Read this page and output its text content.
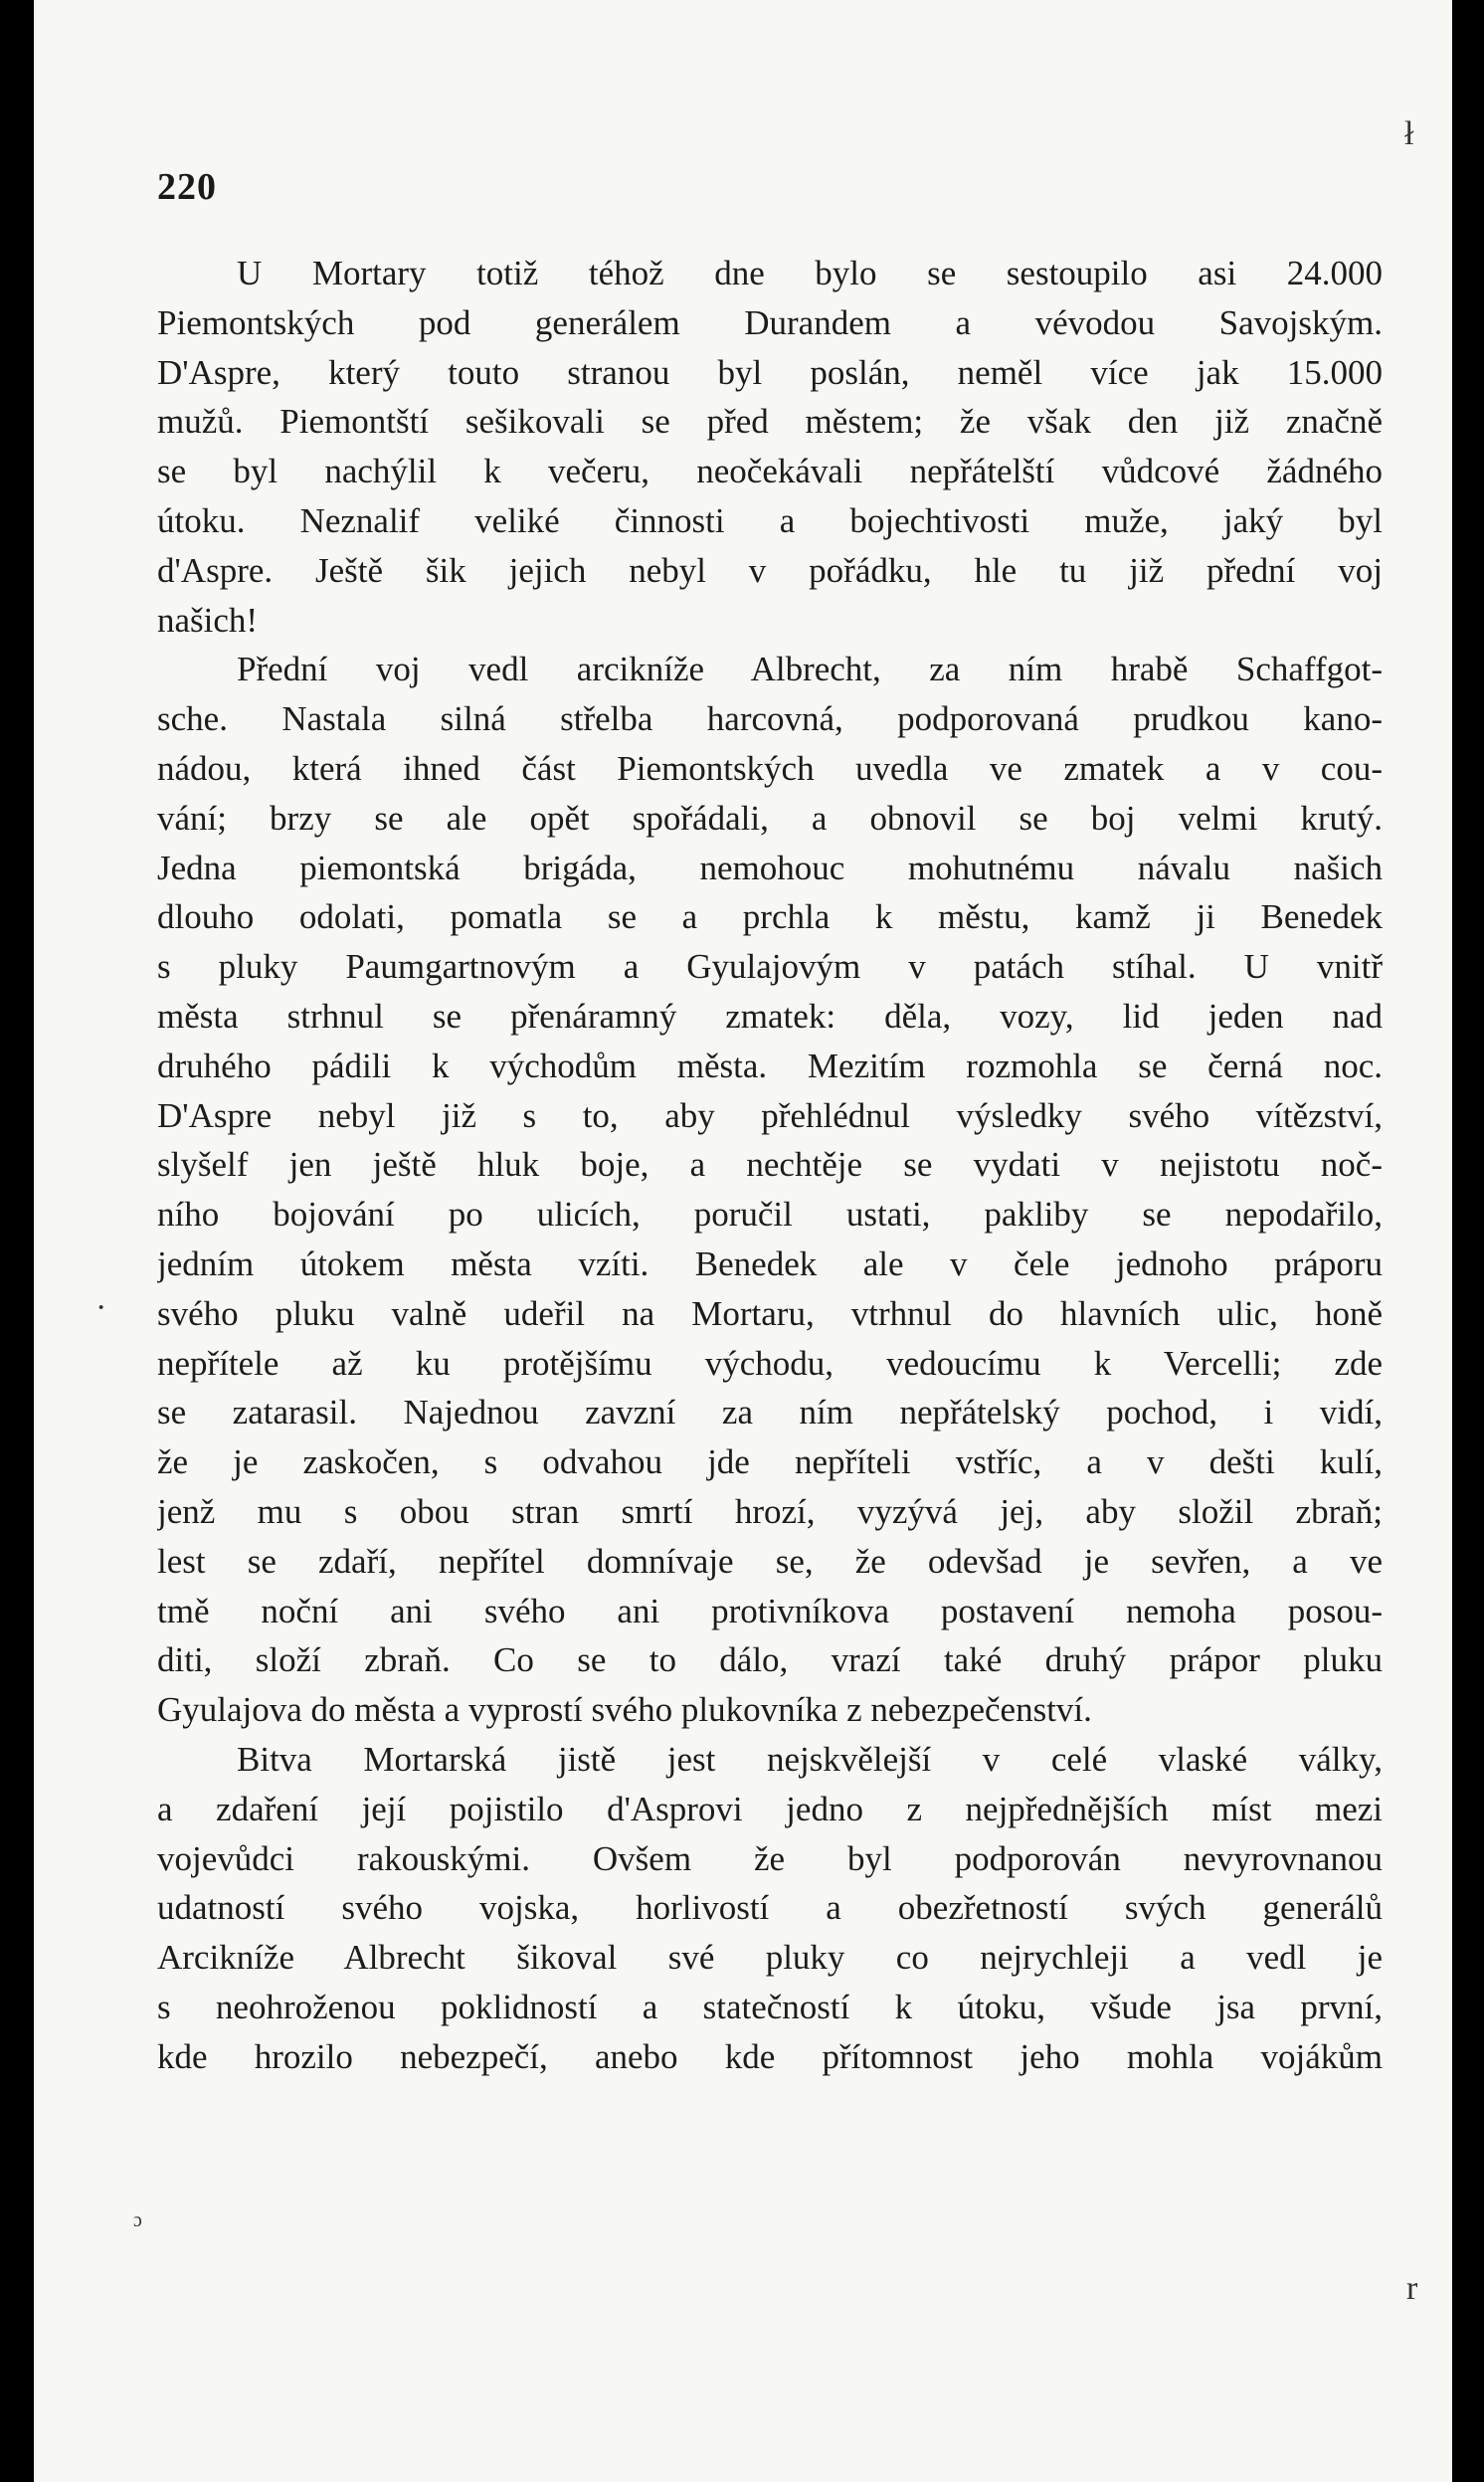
ł
r
·
ɔ
220
U Mortary totiž téhož dne bylo se sestoupilo asi 24.000
Piemontských pod generálem Durandem a vévodou Savojským.
D'Aspre, který touto stranou byl poslán, neměl více jak 15.000
mužů. Piemontští sešikovali se před městem; že však den již značně
se byl nachýlil k večeru, neočekávali nepřátelští vůdcové žádného
útoku. Neznalif veliké činnosti a bojechtivosti muže, jaký byl
d'Aspre. Ještě šik jejich nebyl v pořádku, hle tu již přední voj
našich!
Přední voj vedl arcikníže Albrecht, za ním hrabě Schaffgot-
sche. Nastala silná střelba harcovná, podporovaná prudkou kano-
nádou, která ihned část Piemontských uvedla ve zmatek a v cou-
vání; brzy se ale opět spořádali, a obnovil se boj velmi krutý.
Jedna piemontská brigáda, nemohouc mohutnému návalu našich
dlouho odolati, pomatla se a prchla k městu, kamž ji Benedek
s pluky Paumgartnovým a Gyulajovým v patách stíhal. U vnitř
města strhnul se přenáramný zmatek: děla, vozy, lid jeden nad
druhého pádili k východům města. Mezitím rozmohla se černá noc.
D'Aspre nebyl již s to, aby přehlédnul výsledky svého vítězství,
slyšelf jen ještě hluk boje, a nechtěje se vydati v nejistotu noč-
ního bojování po ulicích, poručil ustati, pakliby se nepodařilo,
jedním útokem města vzíti. Benedek ale v čele jednoho práporu
svého pluku valně udeřil na Mortaru, vtrhnul do hlavních ulic, honě
nepřítele až ku protějšímu východu, vedoucímu k Vercelli; zde
se zatarasil. Najednou zavzní za ním nepřátelský pochod, i vidí,
že je zaskočen, s odvahou jde nepříteli vstříc, a v dešti kulí,
jenž mu s obou stran smrtí hrozí, vyzývá jej, aby složil zbraň;
lest se zdaří, nepřítel domnívaje se, že odevšad je sevřen, a ve
tmě noční ani svého ani protivníkova postavení nemoha posou-
diti, složí zbraň. Co se to dálo, vrazí také druhý prápor pluku
Gyulajova do města a vyprostí svého plukovníka z nebezpečenství.
Bitva Mortarská jistě jest nejskvělejší v celé vlaské války,
a zdaření její pojistilo d'Asprovi jedno z nejpřednějších míst mezi
vojevůdci rakouskými. Ovšem že byl podporován nevyrovnanou
udatností svého vojska, horlivostí a obezřetností svých generálů
Arcikníže Albrecht šikoval své pluky co nejrychleji a vedl je
s neohroženou poklidností a statečností k útoku, všude jsa první,
kde hrozilo nebezpečí, anebo kde přítomnost jeho mohla vojákům
